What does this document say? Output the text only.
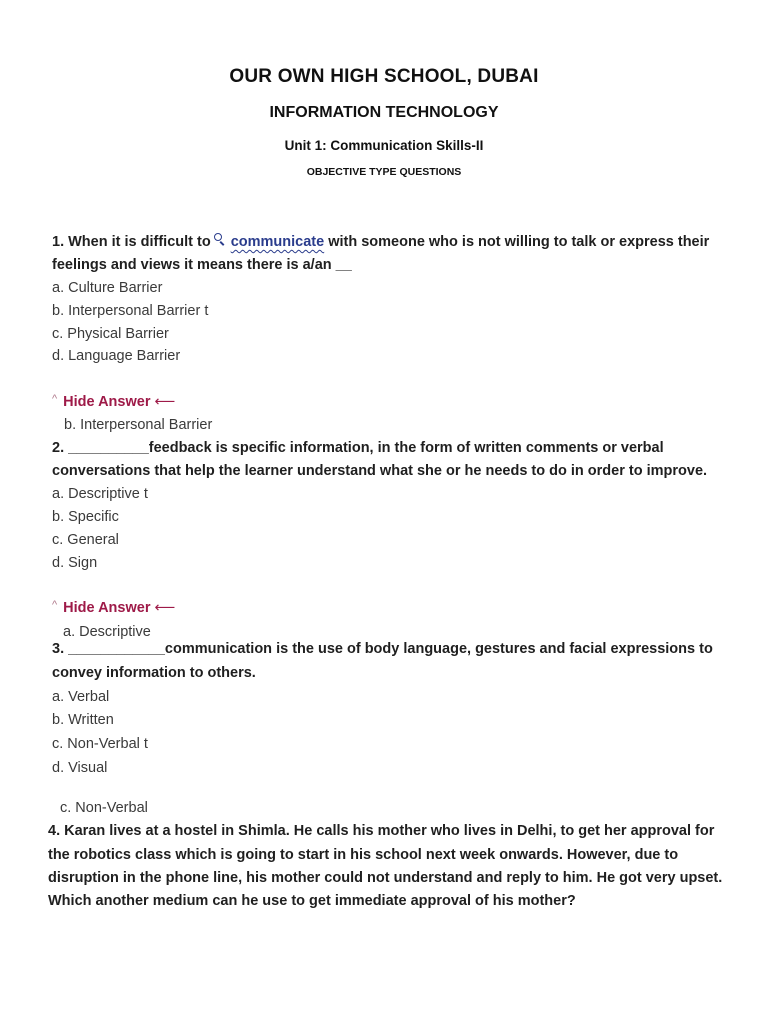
OUR OWN HIGH SCHOOL, DUBAI
INFORMATION TECHNOLOGY
Unit 1: Communication Skills-II
OBJECTIVE TYPE QUESTIONS
1. When it is difficult to communicate with someone who is not willing to talk or express their
feelings and views it means there is a/an __
a. Culture Barrier
b. Interpersonal Barrier t
c. Physical Barrier
d. Language Barrier
^ Hide Answer ⟵
b. Interpersonal Barrier
2. __________feedback is specific information, in the form of written comments or verbal
conversations that help the learner understand what she or he needs to do in order to improve.
a. Descriptive t
b. Specific
c. General
d. Sign
^ Hide Answer ⟵
a. Descriptive
3. ____________communication is the use of body language, gestures and facial expressions to
convey information to others.
a. Verbal
b. Written
c. Non-Verbal t
d. Visual
c. Non-Verbal
4. Karan lives at a hostel in Shimla. He calls his mother who lives in Delhi, to get her approval for
the robotics class which is going to start in his school next week onwards. However, due to
disruption in the phone line, his mother could not understand and reply to him. He got very upset.
Which another medium can he use to get immediate approval of his mother?
